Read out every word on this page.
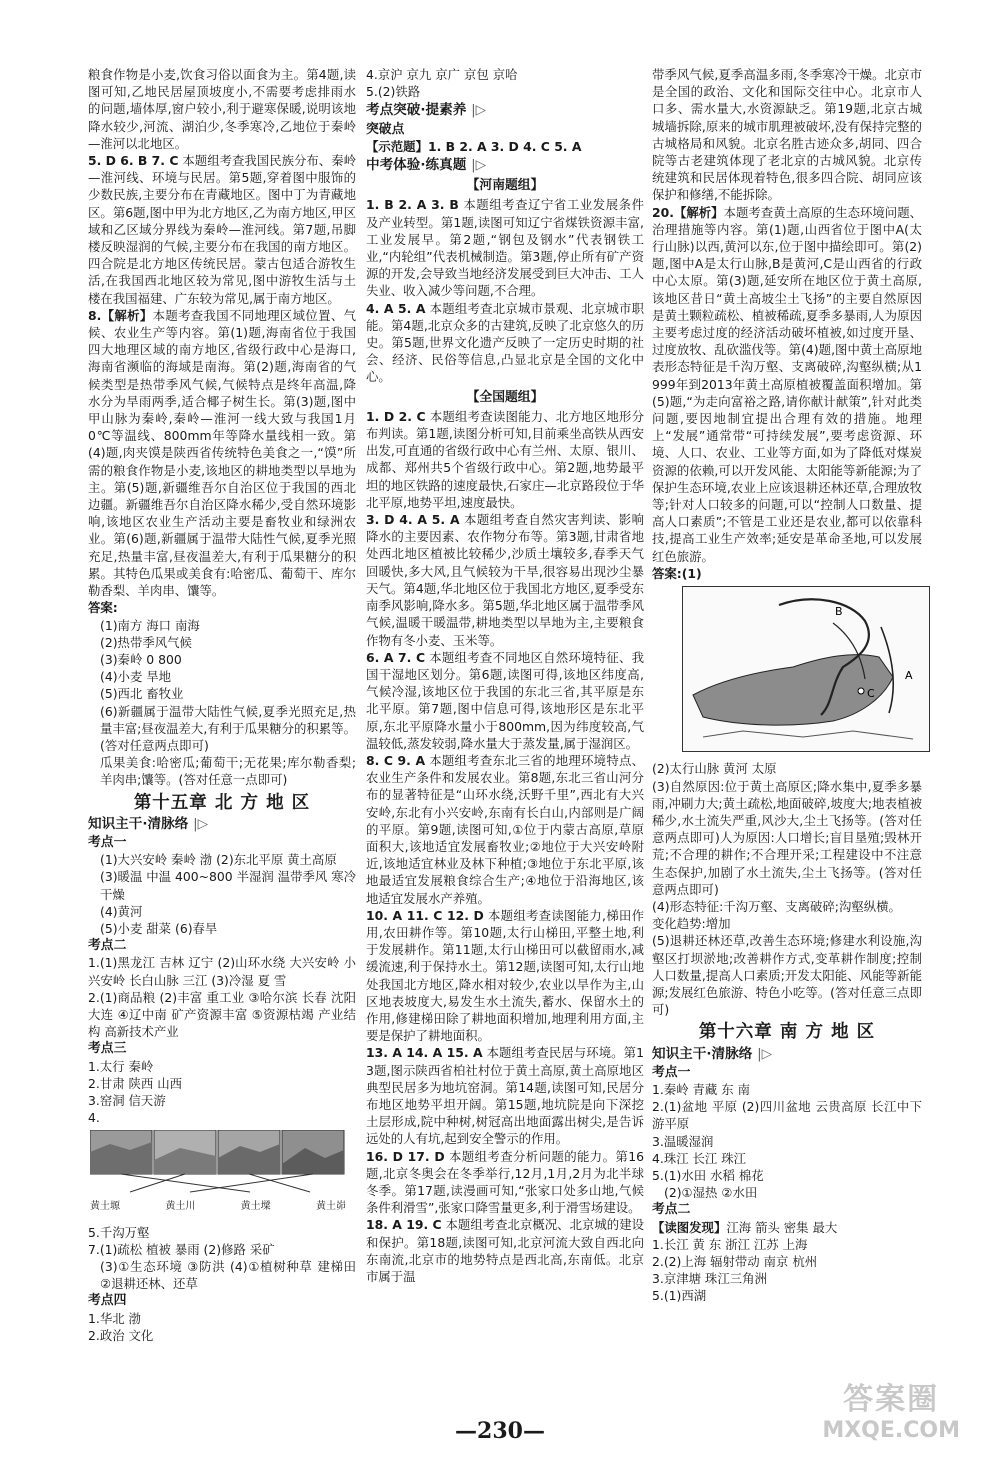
粮食作物是小麦,饮食习俗以面食为主。第4题,读图可知,乙地民居屋顶坡度小,不需要考虑排雨水的问题,墙体厚,窗户较小,利于避寒保暖,说明该地降水较少,河流、湖泊少,冬季寒冷,乙地位于秦岭—淮河以北地区。

5. D 6. B 7. C 本题组考查我国民族分布、秦岭—淮河线、环境与民居。第5题,穿着图中服饰的少数民族,主要分布在青藏地区。图中丁为青藏地区。第6题,图中甲为北方地区,乙为南方地区,甲区域和乙区域分界线为秦岭—淮河线。第7题,吊脚楼反映湿润的气候,主要分布在我国的南方地区。四合院是北方地区传统民居。蒙古包适合游牧生活,在我国西北地区较为常见,图中游牧生活与土楼在我国福建、广东较为常见,属于南方地区。

8.【解析】本题考查我国不同地理区域位置、气候、农业生产等内容。第(1)题,海南省位于我国四大地理区域的南方地区,省级行政中心是海口,海南省濒临的海域是南海。第(2)题,海南省的气候类型是热带季风气候,气候特点是终年高温,降水分为旱雨两季,适合椰子树生长。第(3)题,图中甲山脉为秦岭,秦岭—淮河一线大致与我国1月0℃等温线、800mm年等降水量线相一致。第(4)题,肉夹馍是陕西省传统特色美食之一,“馍”所需的粮食作物是小麦,该地区的耕地类型以旱地为主。第(5)题,新疆维吾尔自治区位于我国的西北边疆。新疆维吾尔自治区降水稀少,受自然环境影响,该地区农业生产活动主要是畜牧业和绿洲农业。第(6)题,新疆属于温带大陆性气候,夏季光照充足,热量丰富,昼夜温差大,有利于瓜果糖分的积累。其特色瓜果或美食有:哈密瓜、葡萄干、库尔勒香梨、羊肉串、馕等。

答案:

(1)南方 海口 南海

(2)热带季风气候

(3)秦岭 0 800

(4)小麦 旱地

(5)西北 畜牧业

(6)新疆属于温带大陆性气候,夏季光照充足,热量丰富;昼夜温差大,有利于瓜果糖分的积累等。(答对任意两点即可)

瓜果美食:哈密瓜;葡萄干;无花果;库尔勒香梨;羊肉串;馕等。(答对任意一点即可)

第十五章 北 方 地 区
知识主干·清脉络 |▷
考点一

(1)大兴安岭 秦岭 渤 (2)东北平原 黄土高原

(3)暖温 中温 400~800 半湿润 温带季风 寒冷干燥

(4)黄河

(5)小麦 甜菜 (6)春旱

考点二

1.(1)黑龙江 吉林 辽宁 (2)山环水绕 大兴安岭 小兴安岭 长白山脉 三江 (3)冷湿 夏 雪

2.(1)商品粮 (2)丰富 重工业 ③哈尔滨 长春 沈阳 大连 ④辽中南 矿产资源丰富 ⑤资源枯竭 产业结构 高新技术产业

考点三

1.太行 秦岭

2.甘肃 陕西 山西

3.窑洞 信天游

4.

黄土塬	黄土川	黄土墚	黄土峁

5.千沟万壑

7.(1)疏松 植被 暴雨 (2)修路 采矿

(3)①生态环境 ③防洪 (4)①植树种草 建梯田 ②退耕还林、还草

考点四

1.华北 渤

2.政治 文化

4.京沪 京九 京广 京包 京哈

5.(2)铁路

考点突破·提素养 |▷
突破点

【示范题】1. B 2. A 3. D 4. C 5. A

中考体验·练真题 |▷
【河南题组】

1. B 2. A 3. B 本题组考查辽宁省工业发展条件及产业转型。第1题,读图可知辽宁省煤铁资源丰富,工业发展早。第2题,“钢包及钢水”代表钢铁工业,“内轮组”代表机械制造。第3题,停止所有矿产资源的开发,会导致当地经济发展受到巨大冲击、工人失业、收入减少等问题,不合理。

4. A 5. A 本题组考查北京城市景观、北京城市职能。第4题,北京众多的古建筑,反映了北京悠久的历史。第5题,世界文化遗产反映了一定历史时期的社会、经济、民俗等信息,凸显北京是全国的文化中心。

【全国题组】

1. D 2. C 本题组考查读图能力、北方地区地形分布判读。第1题,读图分析可知,目前乘坐高铁从西安出发,可直通的省级行政中心有兰州、太原、银川、成都、郑州共5个省级行政中心。第2题,地势最平坦的地区铁路的速度最快,石家庄—北京路段位于华北平原,地势平坦,速度最快。

3. D 4. A 5. A 本题组考查自然灾害判读、影响降水的主要因素、农作物分布等。第3题,甘肃省地处西北地区植被比较稀少,沙质土壤较多,春季天气回暖快,多大风,且气候较为干旱,很容易出现沙尘暴天气。第4题,华北地区位于我国北方地区,夏季受东南季风影响,降水多。第5题,华北地区属于温带季风气候,温暖干暖温带,耕地类型以旱地为主,主要粮食作物有冬小麦、玉米等。

6. A 7. C 本题组考查不同地区自然环境特征、我国干湿地区划分。第6题,读图可得,该地区纬度高,气候冷湿,该地区位于我国的东北三省,其平原是东北平原。第7题,图中信息可得,该地形区是东北平原,东北平原降水量小于800mm,因为纬度较高,气温较低,蒸发较弱,降水量大于蒸发量,属于湿润区。

8. C 9. A 本题组考查东北三省的地理环境特点、农业生产条件和发展农业。第8题,东北三省山河分布的显著特征是“山环水绕,沃野千里”,西北有大兴安岭,东北有小兴安岭,东南有长白山,内部则是广阔的平原。第9题,读图可知,①位于内蒙古高原,草原面积大,该地适宜发展畜牧业;②地位于大兴安岭附近,该地适宜林业及林下种植;③地位于东北平原,该地最适宜发展粮食综合生产;④地位于沿海地区,该地适宜发展水产养殖。

10. A 11. C 12. D 本题组考查读图能力,梯田作用,农田耕作等。第10题,太行山梯田,平整土地,利于发展耕作。第11题,太行山梯田可以截留雨水,减缓流速,利于保持水土。第12题,读图可知,太行山地处我国北方地区,降水相对较少,农业以旱作为主,山区地表坡度大,易发生水土流失,蓄水、保留水土的作用,修建梯田除了耕地面积增加,地理利用方面,主要是保护了耕地面积。

13. A 14. A 15. A 本题组考查民居与环境。第13题,图示陕西省柏社村位于黄土高原,黄土高原地区典型民居多为地坑窑洞。第14题,读图可知,民居分布地区地势平坦开阔。第15题,地坑院是向下深挖土层形成,院中种树,树冠高出地面露出树尖,是告诉远处的人有坑,起到安全警示的作用。

16. D 17. D 本题组考查分析问题的能力。第16题,北京冬奥会在冬季举行,12月,1月,2月为北半球冬季。第17题,读漫画可知,“张家口处多山地,气候条件利滑雪”,张家口降雪量更多,利于滑雪场建设。

18. A 19. C 本题组考查北京概况、北京城的建设和保护。第18题,读图可知,北京河流大致自西北向东南流,北京市的地势特点是西北高,东南低。北京市属于温

带季风气候,夏季高温多雨,冬季寒冷干燥。北京市是全国的政治、文化和国际交往中心。北京市人口多、需水量大,水资源缺乏。第19题,北京古城城墙拆除,原来的城市肌理被破坏,没有保持完整的古城格局和风貌。北京名胜古迹众多,胡同、四合院等古老建筑体现了老北京的古城风貌。北京传统建筑和民居体现着特色,很多四合院、胡同应该保护和修缮,不能拆除。

20.【解析】本题考查黄土高原的生态环境问题、治理措施等内容。第(1)题,山西省位于图中A(太行山脉)以西,黄河以东,位于图中描绘即可。第(2)题,图中A是太行山脉,B是黄河,C是山西省的行政中心太原。第(3)题,延安所在地区位于黄土高原,该地区昔日“黄土高坡尘土飞扬”的主要自然原因是黄土颗粒疏松、植被稀疏,夏季多暴雨,人为原因主要考虑过度的经济活动破坏植被,如过度开垦、过度放牧、乱砍滥伐等。第(4)题,图中黄土高原地表形态特征是千沟万壑、支离破碎,沟壑纵横;从1999年到2013年黄土高原植被覆盖面积增加。第(5)题,“为走向富裕之路,请你献计献策”,针对此类问题,要因地制宜提出合理有效的措施。地理上“发展”通常带“可持续发展”,要考虑资源、环境、人口、农业、工业等方面,如为了降低对煤炭资源的依赖,可以开发风能、太阳能等新能源;为了保护生态环境,农业上应该退耕还林还草,合理放牧等;针对人口较多的问题,可以“控制人口数量、提高人口素质”;不管是工业还是农业,都可以依靠科技,提高工业生产效率;延安是革命圣地,可以发展红色旅游。

答案:(1)
B
A
C

(2)太行山脉 黄河 太原

(3)自然原因:位于黄土高原区;降水集中,夏季多暴雨,冲刷力大;黄土疏松,地面破碎,坡度大;地表植被稀少,水土流失严重,风沙大,尘土飞扬等。(答对任意两点即可)人为原因:人口增长;盲目垦殖;毁林开荒;不合理的耕作;不合理开采;工程建设中不注意生态保护,加剧了水土流失,尘土飞扬等。(答对任意两点即可)

(4)形态特征:千沟万壑、支离破碎;沟壑纵横。

变化趋势:增加

(5)退耕还林还草,改善生态环境;修建水利设施,沟壑区打坝淤地;改善耕作方式,变革耕作制度;控制人口数量,提高人口素质;开发太阳能、风能等新能源;发展红色旅游、特色小吃等。(答对任意三点即可)

第十六章 南 方 地 区
知识主干·清脉络 |▷
考点一

1.秦岭 青藏 东 南

2.(1)盆地 平原 (2)四川盆地 云贵高原 长江中下游平原

3.温暖湿润

4.珠江 长江 珠江

5.(1)水田 水稻 棉花

(2)①湿热 ②水田

考点二

【读图发现】江海 箭头 密集 最大

1.长江 黄 东 浙江 江苏 上海

2.(2)上海 辐射带动 南京 杭州

3.京津塘 珠江三角洲

5.(1)西湖

—230—
答案圈
MXQE.COM
